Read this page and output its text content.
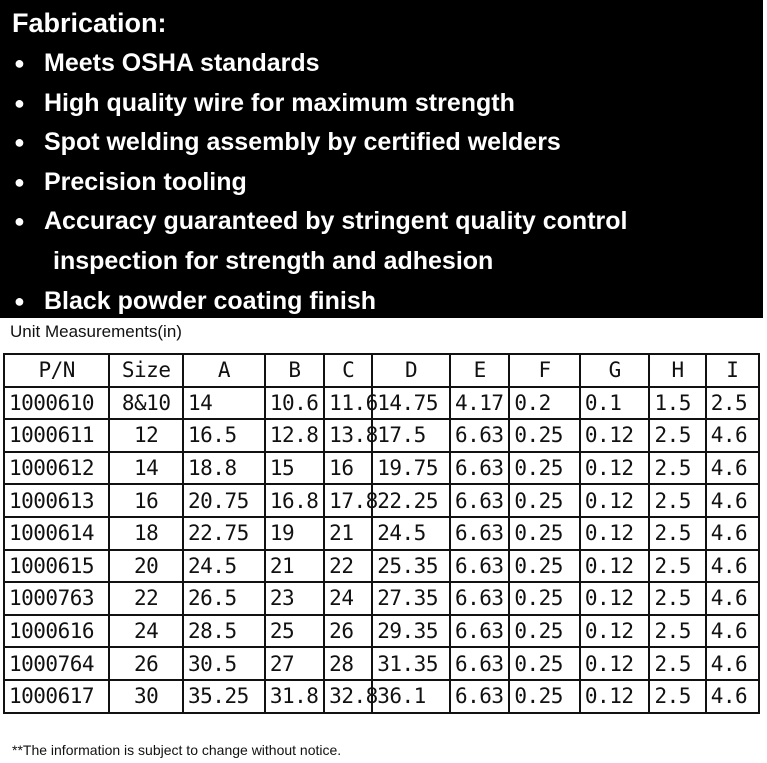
Fabrication:
● Meets OSHA standards
● High quality wire for maximum strength
● Spot welding assembly by certified welders
● Precision tooling
● Accuracy guaranteed by stringent quality control
inspection for strength and adhesion
● Black powder coating finish
Unit Measurements(in)
P/N	Size	A	B	C	D	E	F	G	H	I
1000610	8&10	14	10.6	11.6	14.75	4.17	0.2	0.1	1.5	2.5
1000611	12	16.5	12.8	13.8	17.5	6.63	0.25	0.12	2.5	4.6
1000612	14	18.8	15	16	19.75	6.63	0.25	0.12	2.5	4.6
1000613	16	20.75	16.8	17.8	22.25	6.63	0.25	0.12	2.5	4.6
1000614	18	22.75	19	21	24.5	6.63	0.25	0.12	2.5	4.6
1000615	20	24.5	21	22	25.35	6.63	0.25	0.12	2.5	4.6
1000763	22	26.5	23	24	27.35	6.63	0.25	0.12	2.5	4.6
1000616	24	28.5	25	26	29.35	6.63	0.25	0.12	2.5	4.6
1000764	26	30.5	27	28	31.35	6.63	0.25	0.12	2.5	4.6
1000617	30	35.25	31.8	32.8	36.1	6.63	0.25	0.12	2.5	4.6
**The information is subject to change without notice.
